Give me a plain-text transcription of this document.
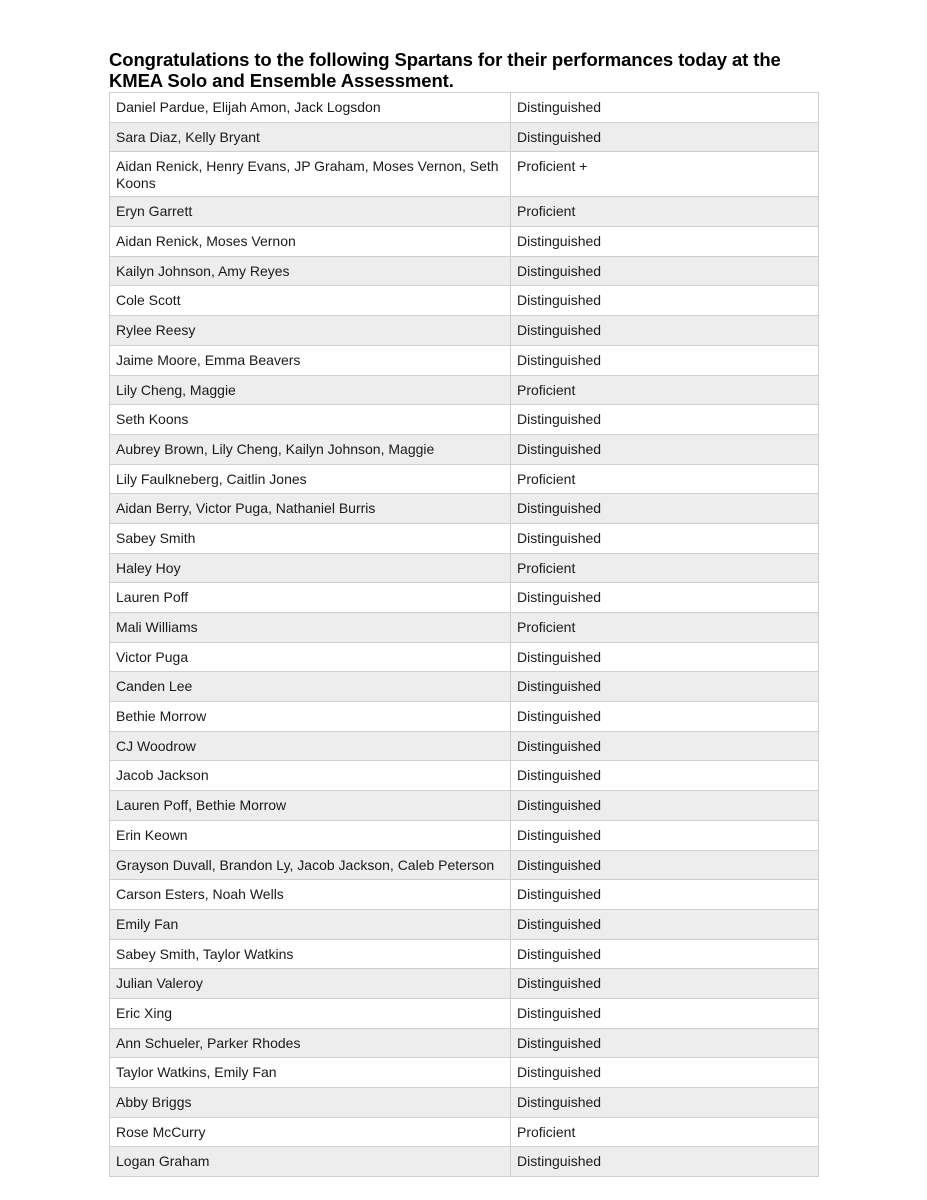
Congratulations to the following Spartans for their performances today at the KMEA Solo and Ensemble Assessment.
Daniel Pardue, Elijah Amon, Jack Logsdon	Distinguished
Sara Diaz, Kelly Bryant	Distinguished
Aidan Renick, Henry Evans, JP Graham, Moses Vernon, Seth Koons	Proficient +
Eryn Garrett	Proficient
Aidan Renick, Moses Vernon	Distinguished
Kailyn Johnson, Amy Reyes	Distinguished
Cole Scott	Distinguished
Rylee Reesy	Distinguished
Jaime Moore, Emma Beavers	Distinguished
Lily Cheng, Maggie	Proficient
Seth Koons	Distinguished
Aubrey Brown, Lily Cheng, Kailyn Johnson, Maggie	Distinguished
Lily Faulkneberg, Caitlin Jones	Proficient
Aidan Berry, Victor Puga, Nathaniel Burris	Distinguished
Sabey Smith	Distinguished
Haley Hoy	Proficient
Lauren Poff	Distinguished
Mali Williams	Proficient
Victor Puga	Distinguished
Canden Lee	Distinguished
Bethie Morrow	Distinguished
CJ Woodrow	Distinguished
Jacob Jackson	Distinguished
Lauren Poff, Bethie Morrow	Distinguished
Erin Keown	Distinguished
Grayson Duvall, Brandon Ly, Jacob Jackson, Caleb Peterson	Distinguished
Carson Esters, Noah Wells	Distinguished
Emily Fan	Distinguished
Sabey Smith, Taylor Watkins	Distinguished
Julian Valeroy	Distinguished
Eric Xing	Distinguished
Ann Schueler, Parker Rhodes	Distinguished
Taylor Watkins, Emily Fan	Distinguished
Abby Briggs	Distinguished
Rose McCurry	Proficient
Logan Graham	Distinguished
